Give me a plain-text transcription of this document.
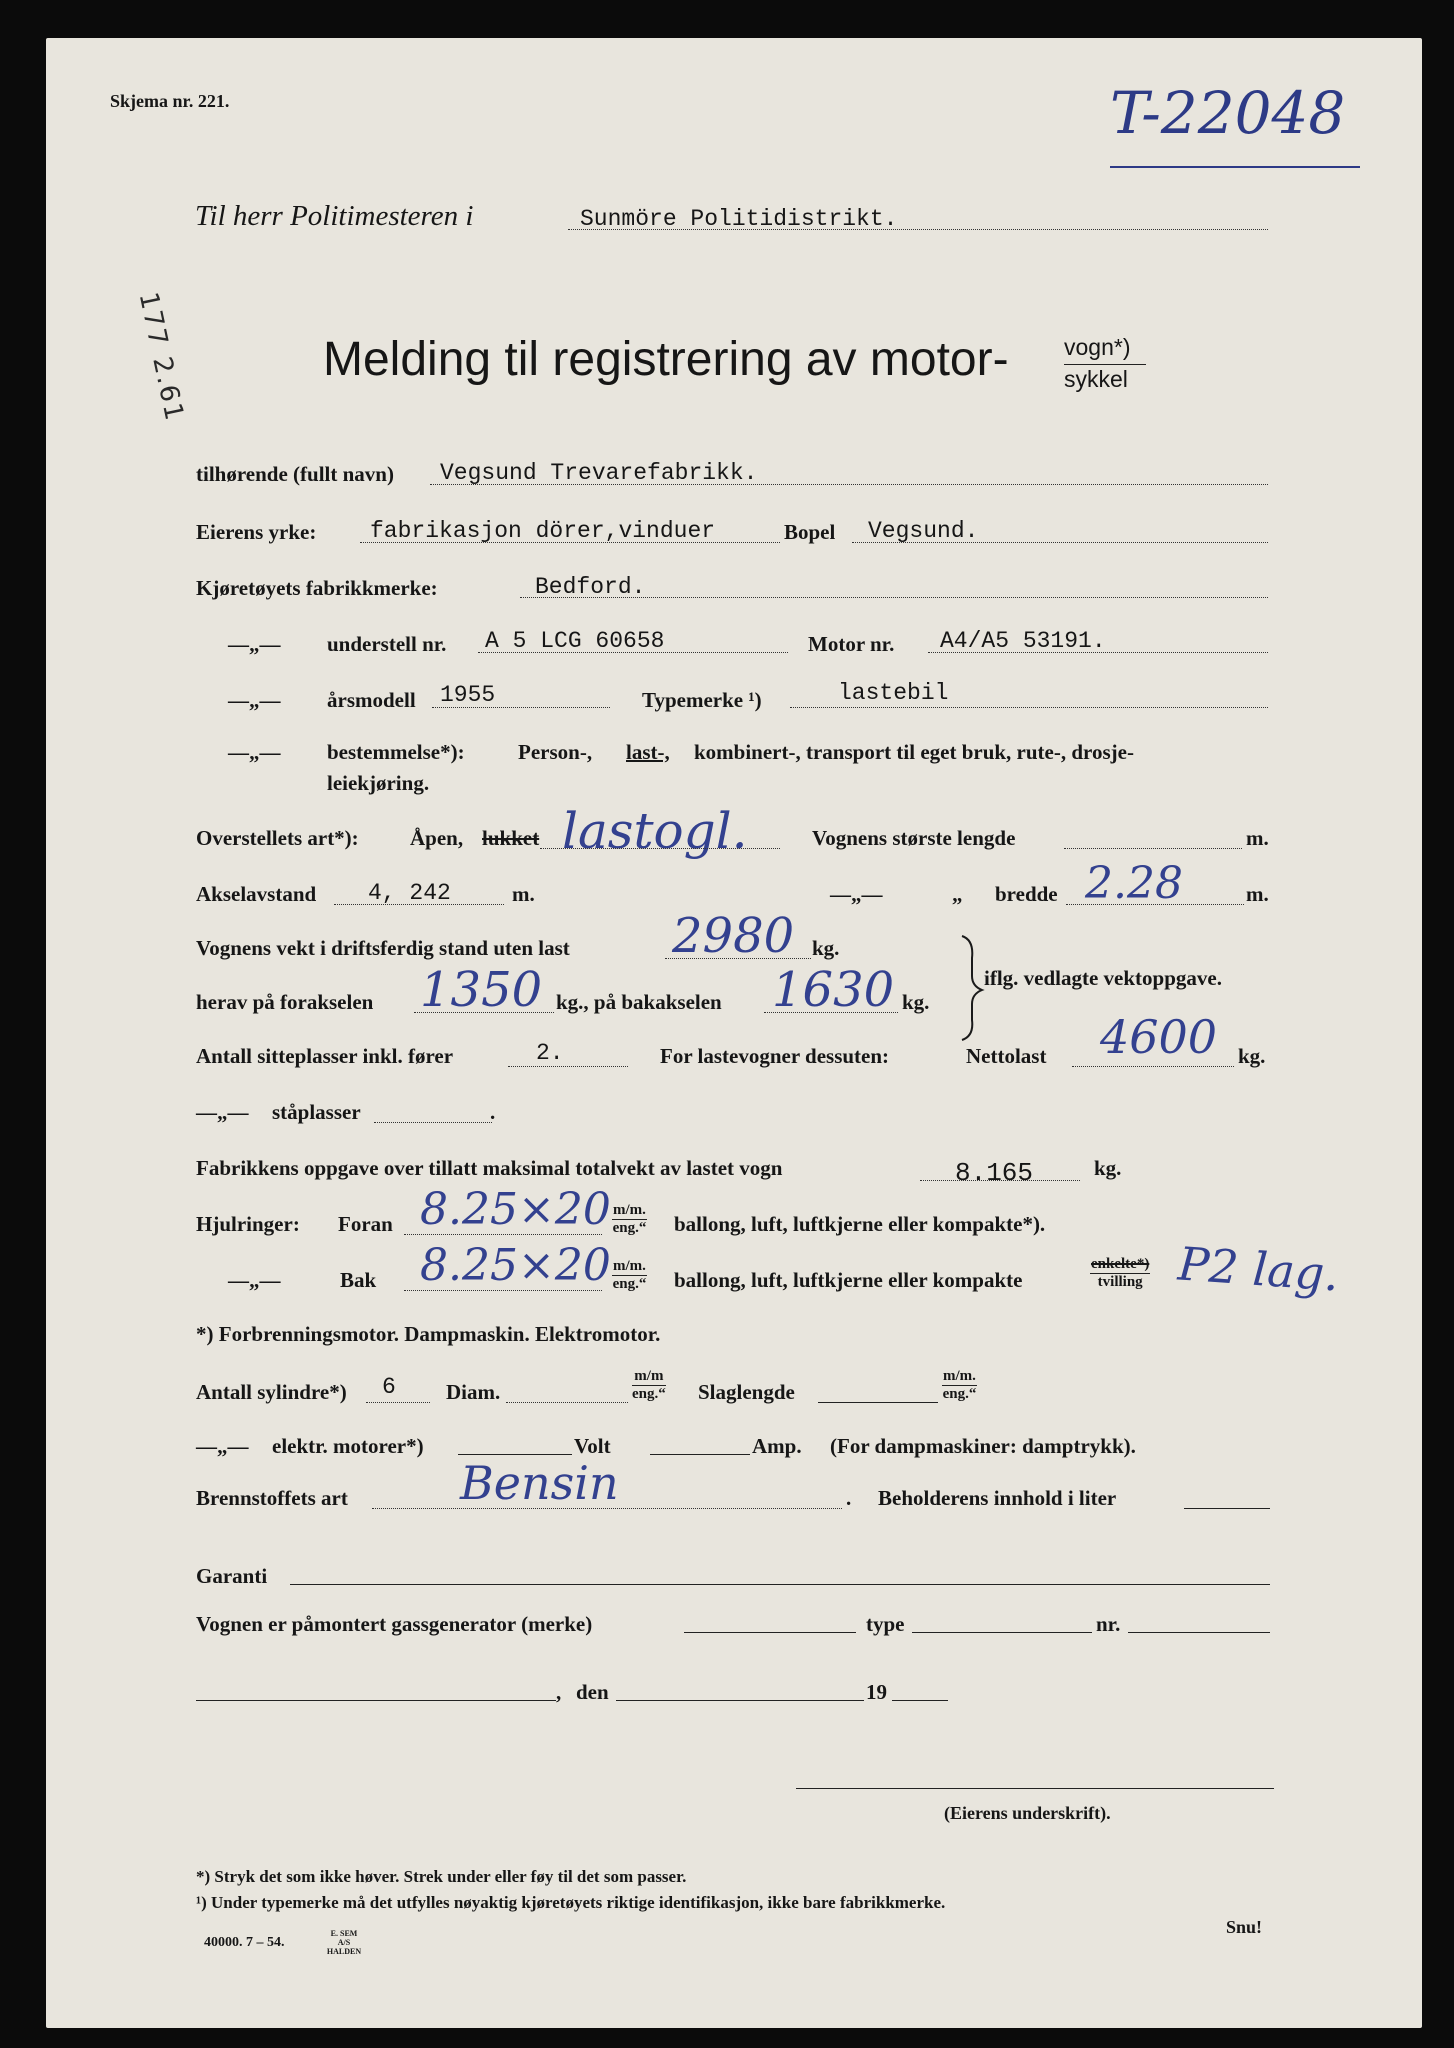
Skjema nr. 221.	T-22048
Til herr Politimesteren i	Sunmöre Politidistrikt.
177 2.61	Melding til registrering av motor- vogn*)
sykkel
tilhørende (fullt navn) Vegsund Trevarefabrikk.
Eierens yrke: fabrikasjon dörer,vinduer	Bopel Vegsund.
Kjøretøyets fabrikkmerke:	Bedford.
—„— understell nr. A 5 LCG 60658	Motor nr. A4/A5 53191.
—„— årsmodell 1955	Typemerke ¹)	lastebil
—„— bestemmelse*):	Person-, last-, kombinert-, transport til eget bruk, rute-, drosje-
leiekjøring.
Overstellets art*): Åpen, lukket lastogl.	Vognens største lengde	m.
Akselavstand 4, 242	m.	—„—	„ bredde 2.28	m.
Vognens vekt i driftsferdig stand uten last 2980 kg.
herav på forakselen 1350 kg., på bakakselen 1630 kg.
iflg. vedlagte vektoppgave.
Antall sitteplasser inkl. fører	2.	For lastevogner dessuten:	Nettolast 4600 kg.
—„— ståplasser	.
Fabrikkens oppgave over tillatt maksimal totalvekt av lastet vogn	8.165	kg.
Hjulringer: Foran 8.25×20 m/m.
eng.“ ballong, luft, luftkjerne eller kompakte*).
—„—	Bak 8.25×20 m/m.
eng.“ ballong, luft, luftkjerne eller kompakte
enkelte*)
tvilling P2 lag.
*) Forbrenningsmotor. Dampmaskin. Elektromotor.
Antall sylindre*) 6 Diam.
m/m
eng.“ Slaglengde
m/m.
eng.“
—„— elektr. motorer*)	Volt	Amp. (For dampmaskiner: damptrykk).
Brennstoffets art Bensin	. Beholderens innhold i liter
Garanti
Vognen er påmontert gassgenerator (merke)	type	nr.
, den	19
(Eierens underskrift).
*) Stryk det som ikke høver. Strek under eller føy til det som passer.
¹) Under typemerke må det utfylles nøyaktig kjøretøyets riktige identifikasjon, ikke bare fabrikkmerke.
40000. 7 – 54.
E. SEM A/S HALDEN
Snu!
